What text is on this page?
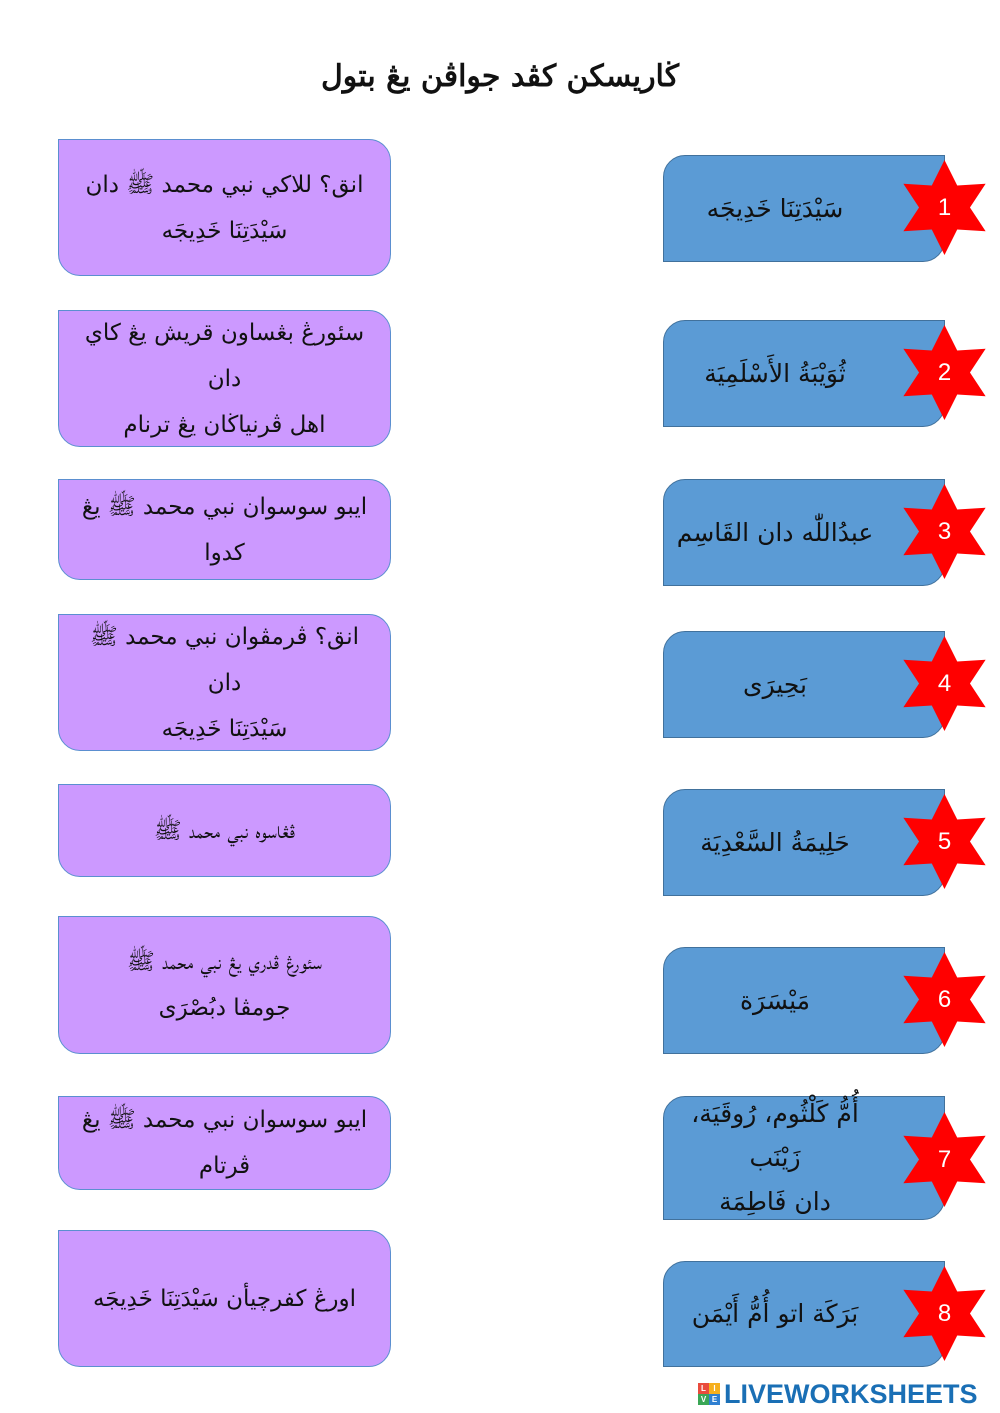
ڬاريسکن کڤد جواڤن يڠ بتول
انق؟ للاکي نبي محمد ﷺ دان
سَيْدَتِنَا خَدِيجَه
سئورڠ بڠساون قريش يڠ کاي دان
اهل ڤرنياڬان يڠ ترنام
ايبو سوسوان نبي محمد ﷺ يڠ کدوا
انق؟ ڤرمڤوان نبي محمد ﷺ دان
سَيْدَتِنَا خَدِيجَه
ڤڠاسوه نبي محمد ﷺ
سئورڠ ڤدري يڠ نبي محمد ﷺ
جومڤا دبُصْرَى
ايبو سوسوان نبي محمد ﷺ يڠ ڤرتام
اورڠ کفرچيأن سَيْدَتِنَا خَدِيجَه
سَيْدَتِنَا خَدِيجَه
ثُوَيْبَةُ الأَسْلَمِيَة
عبدُاللّٰه دان القَاسِم
بَحِيرَى
حَلِيمَةُ السَّعْدِيَة
مَيْسَرَة
أُمُّ كَلْثُوم، رُوقَيَة، زَيْنَب
دان فَاطِمَة
بَرَكَة اتو أُمُّ أَيْمَن
1
2
3
4
5
6
7
8
L I
V E LIVEWORKSHEETS
